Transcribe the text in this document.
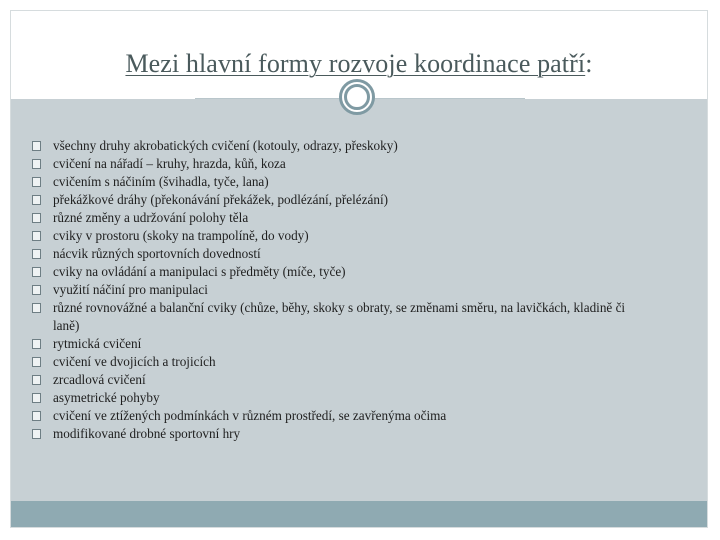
Mezi hlavní formy rozvoje koordinace patří:
všechny druhy akrobatických cvičení (kotouly, odrazy, přeskoky)
cvičení na nářadí – kruhy, hrazda, kůň, koza
cvičením s náčiním (švihadla, tyče, lana)
překážkové dráhy (překonávání překážek, podlézání, přelézání)
různé změny a udržování polohy těla
cviky v prostoru (skoky na trampolíně, do vody)
nácvik různých sportovních dovedností
cviky na ovládání a manipulaci s předměty (míče, tyče)
využití náčiní pro manipulaci
různé rovnovážné a balanční cviky (chůze, běhy, skoky s obraty, se změnami směru, na lavičkách, kladině či laně)
rytmická cvičení
cvičení ve dvojicích a trojicích
zrcadlová cvičení
asymetrické pohyby
cvičení ve ztížených podmínkách v různém prostředí, se zavřenýma očima
modifikované drobné sportovní hry
